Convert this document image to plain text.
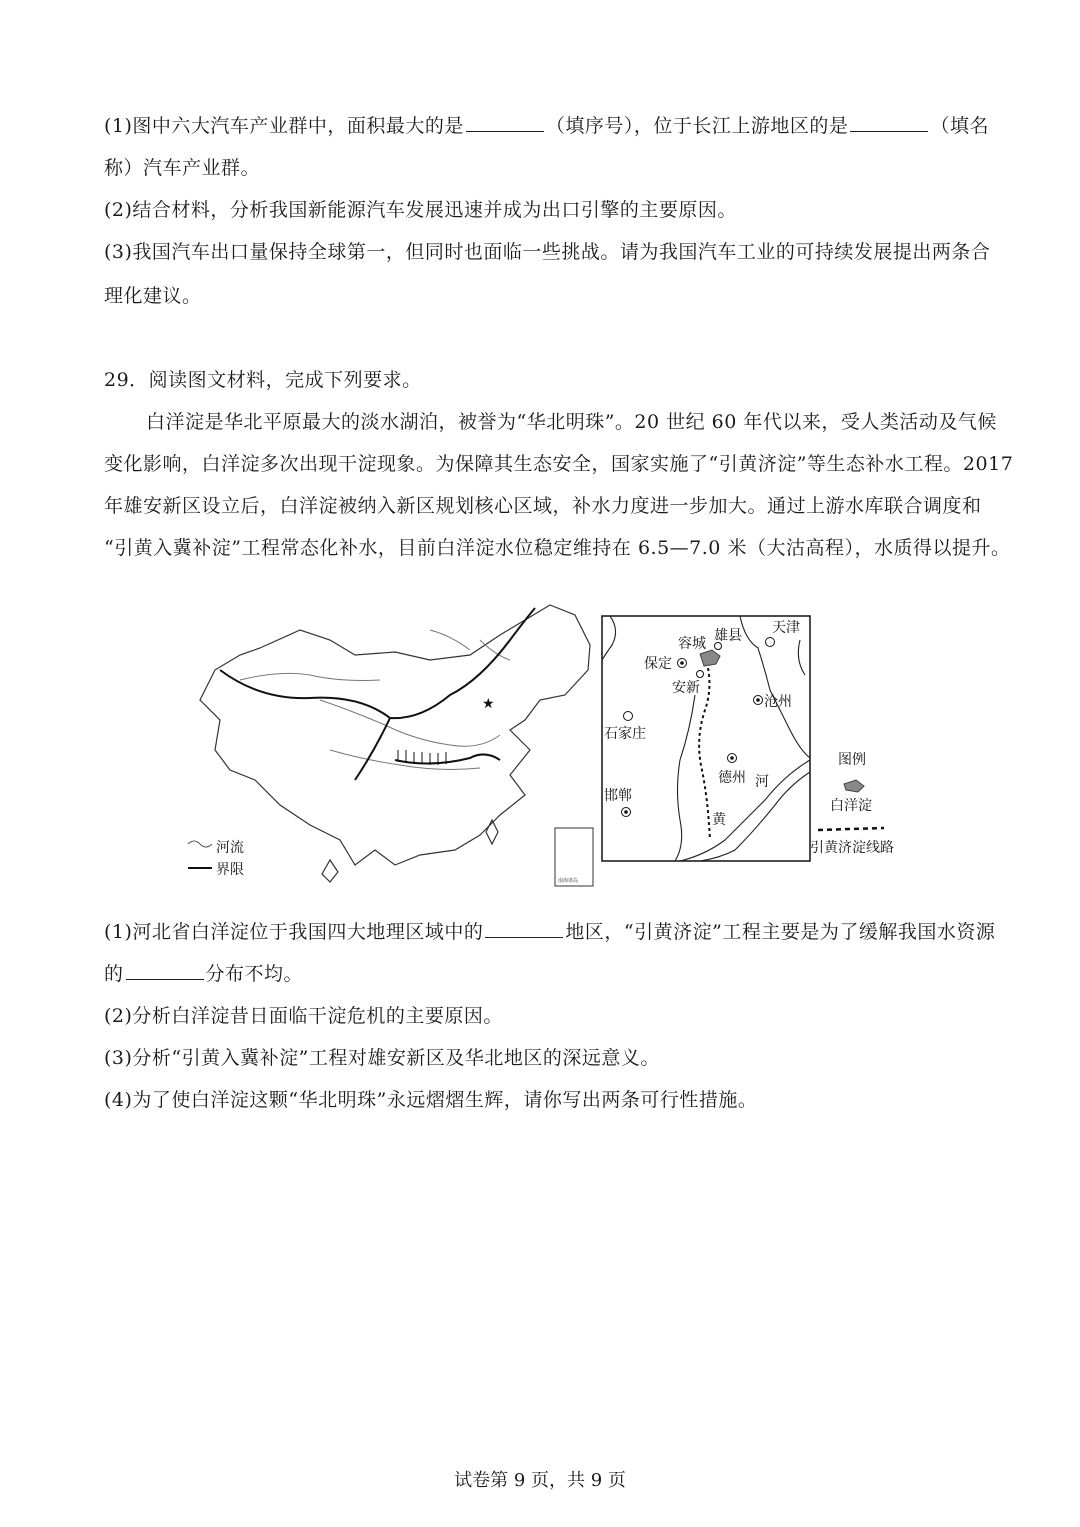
(1)图中六大汽车产业群中，面积最大的是	（填序号），位于长江上游地区的是	（填名
称）汽车产业群。
(2)结合材料，分析我国新能源汽车发展迅速并成为出口引擎的主要原因。
(3)我国汽车出口量保持全球第一，但同时也面临一些挑战。请为我国汽车工业的可持续发展提出两条合
理化建议。
29．阅读图文材料，完成下列要求。
白洋淀是华北平原最大的淡水湖泊，被誉为“华北明珠”。20 世纪 60 年代以来，受人类活动及气候
变化影响，白洋淀多次出现干淀现象。为保障其生态安全，国家实施了“引黄济淀”等生态补水工程。2017
年雄安新区设立后，白洋淀被纳入新区规划核心区域，补水力度进一步加大。通过上游水库联合调度和
“引黄入冀补淀”工程常态化补水，目前白洋淀水位稳定维持在 6.5—7.0 米（大沽高程），水质得以提升。
★
南海诸岛
河流
界限
天津
容城 雄县
保定
安新
沧州
石家庄
德州 河
邯郸
黄
图例
白洋淀
引黄济淀线路
(1)河北省白洋淀位于我国四大地理区域中的	地区，“引黄济淀”工程主要是为了缓解我国水资源
的	分布不均。
(2)分析白洋淀昔日面临干淀危机的主要原因。
(3)分析“引黄入冀补淀”工程对雄安新区及华北地区的深远意义。
(4)为了使白洋淀这颗“华北明珠”永远熠熠生辉，请你写出两条可行性措施。
试卷第 9 页，共 9 页
